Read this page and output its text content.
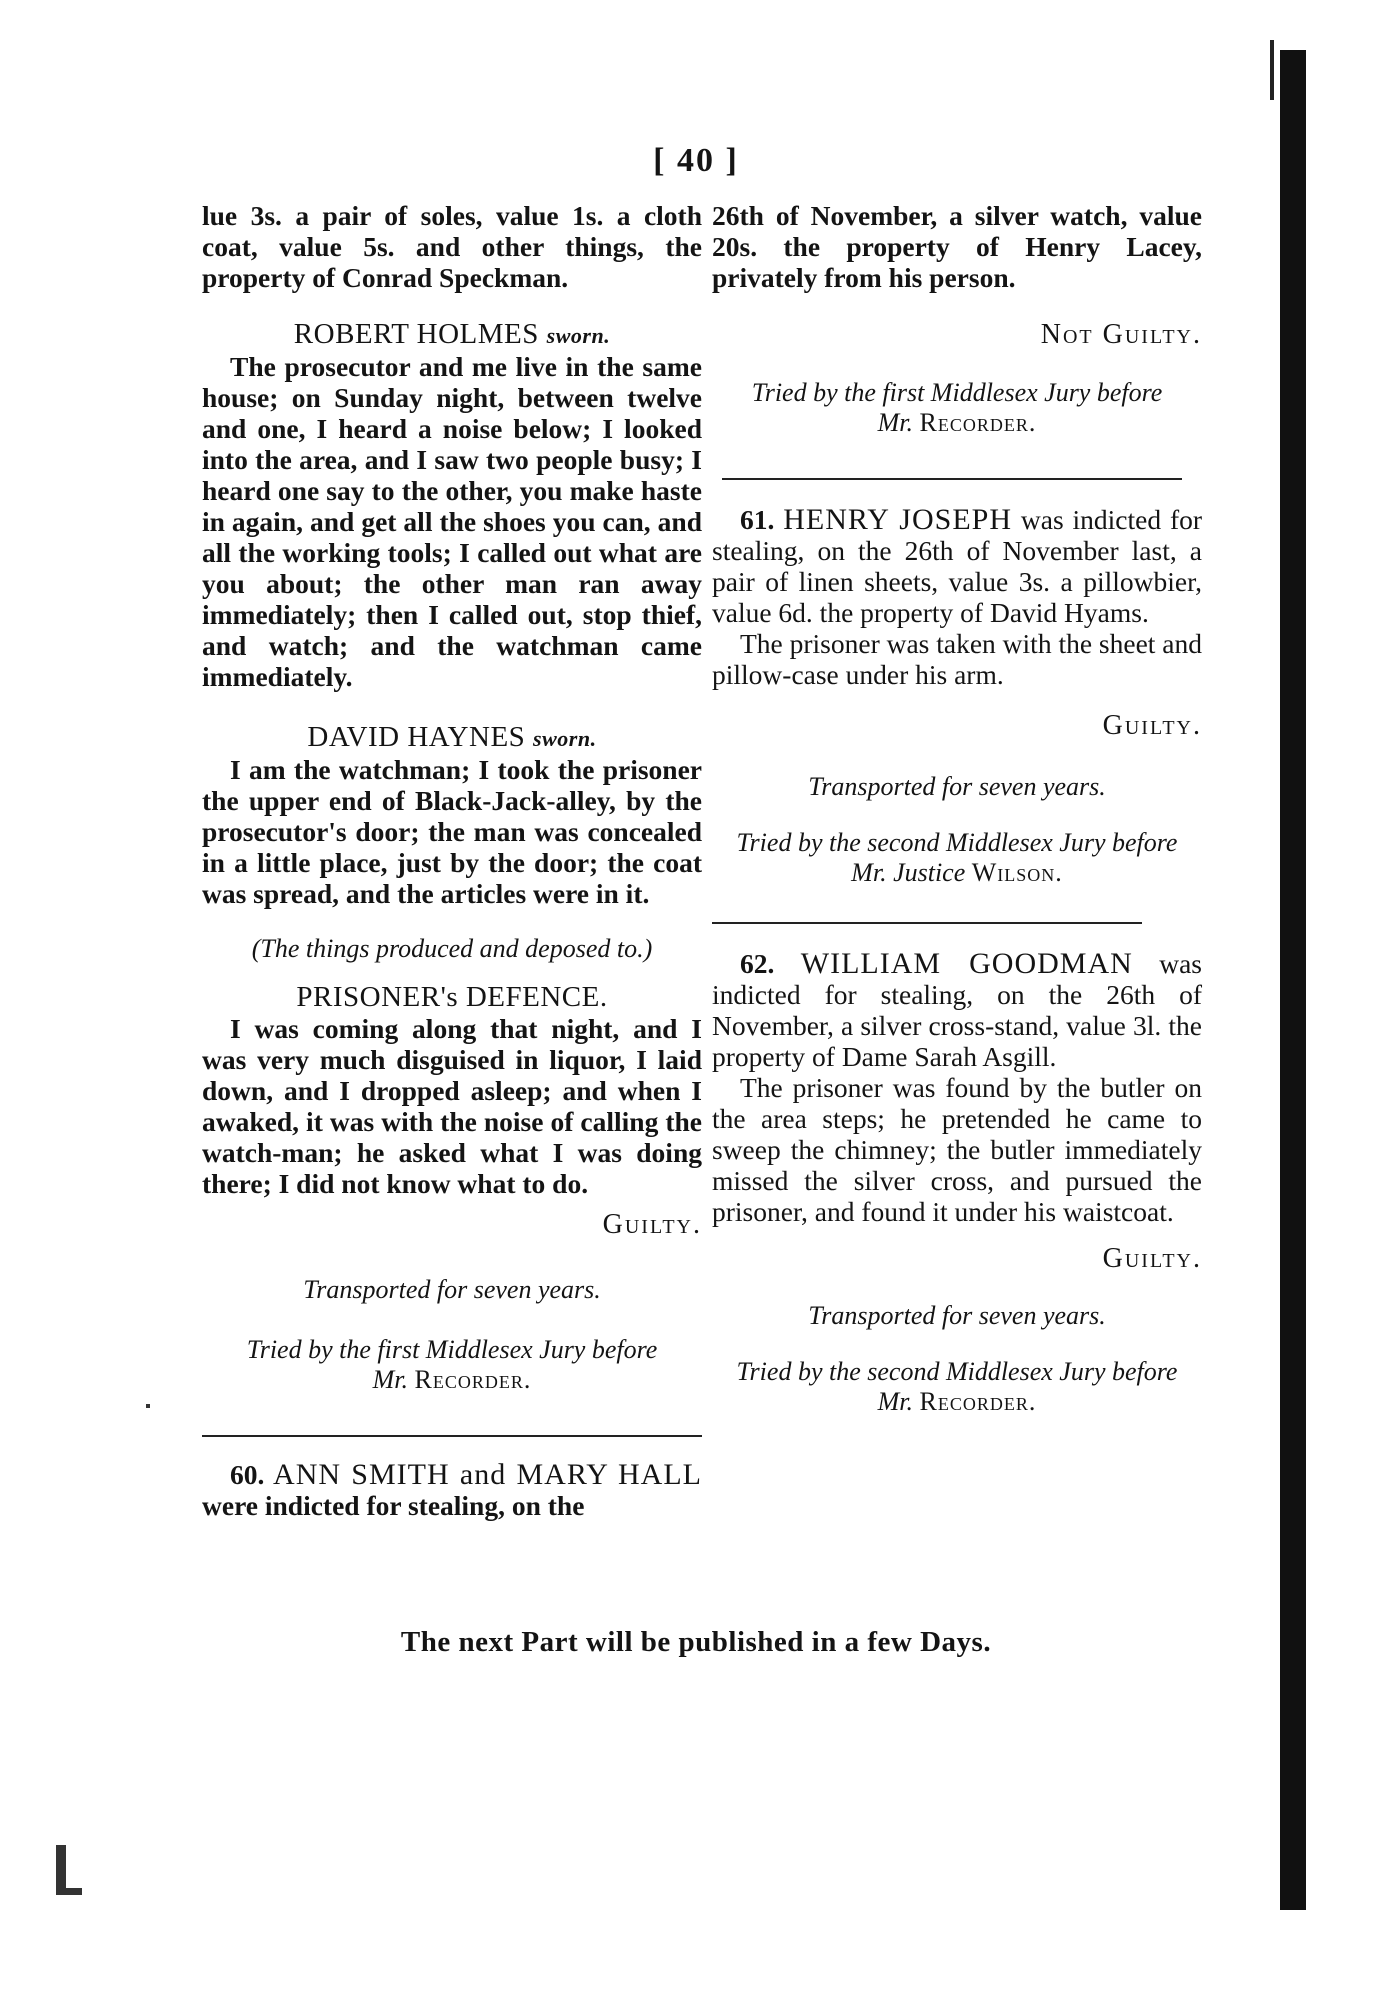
[ 40 ]

lue 3s. a pair of soles, value 1s. a cloth coat, value 5s. and other things, the property of Conrad Speckman.

ROBERT HOLMES sworn.

The prosecutor and me live in the same house; on Sunday night, between twelve and one, I heard a noise below; I looked into the area, and I saw two people busy; I heard one say to the other, you make haste in again, and get all the shoes you can, and all the working tools; I called out what are you about; the other man ran away immediately; then I called out, stop thief, and watch; and the watchman came immediately.

DAVID HAYNES sworn.

I am the watchman; I took the prisoner the upper end of Black-Jack-alley, by the prosecutor's door; the man was concealed in a little place, just by the door; the coat was spread, and the articles were in it.

(The things produced and deposed to.)

PRISONER's DEFENCE.

I was coming along that night, and I was very much disguised in liquor, I laid down, and I dropped asleep; and when I awaked, it was with the noise of calling the watch-man; he asked what I was doing there; I did not know what to do.

Guilty.

Transported for seven years.

Tried by the first Middlesex Jury before

Mr. Recorder.

60. ANN SMITH and MARY HALL were indicted for stealing, on the

26th of November, a silver watch, value 20s. the property of Henry Lacey, privately from his person.

Not Guilty.

Tried by the first Middlesex Jury before

Mr. Recorder.

61. HENRY JOSEPH was indicted for stealing, on the 26th of November last, a pair of linen sheets, value 3s. a pillowbier, value 6d. the property of David Hyams.

The prisoner was taken with the sheet and pillow-case under his arm.

Guilty.

Transported for seven years.

Tried by the second Middlesex Jury before

Mr. Justice Wilson.

62. WILLIAM GOODMAN was indicted for stealing, on the 26th of November, a silver cross-stand, value 3l. the property of Dame Sarah Asgill.

The prisoner was found by the butler on the area steps; he pretended he came to sweep the chimney; the butler immediately missed the silver cross, and pursued the prisoner, and found it under his waistcoat.

Guilty.

Transported for seven years.

Tried by the second Middlesex Jury before

Mr. Recorder.

The next Part will be published in a few Days.
